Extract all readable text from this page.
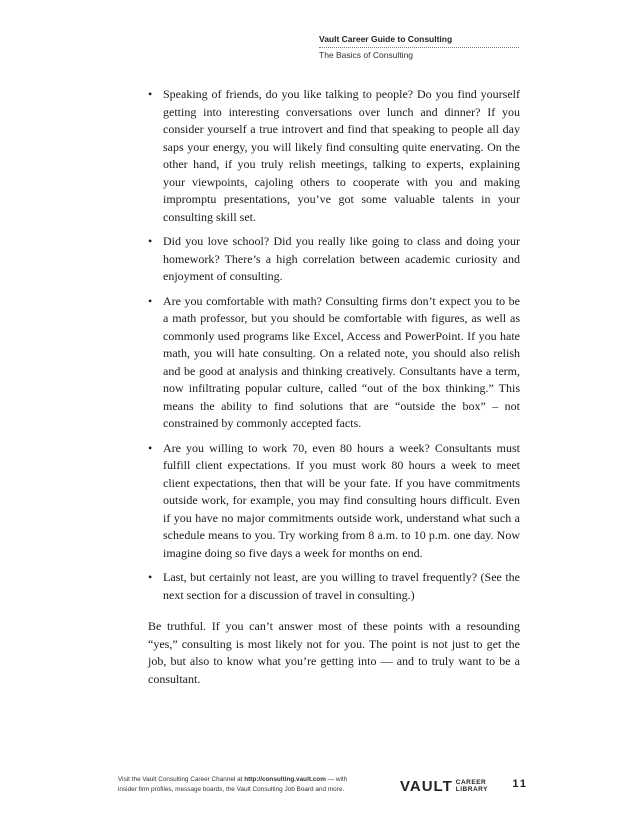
Vault Career Guide to Consulting
The Basics of Consulting
• Speaking of friends, do you like talking to people? Do you find yourself getting into interesting conversations over lunch and dinner? If you consider yourself a true introvert and find that speaking to people all day saps your energy, you will likely find consulting quite enervating. On the other hand, if you truly relish meetings, talking to experts, explaining your viewpoints, cajoling others to cooperate with you and making impromptu presentations, you’ve got some valuable talents in your consulting skill set.
• Did you love school? Did you really like going to class and doing your homework? There’s a high correlation between academic curiosity and enjoyment of consulting.
• Are you comfortable with math? Consulting firms don’t expect you to be a math professor, but you should be comfortable with figures, as well as commonly used programs like Excel, Access and PowerPoint. If you hate math, you will hate consulting. On a related note, you should also relish and be good at analysis and thinking creatively. Consultants have a term, now infiltrating popular culture, called “out of the box thinking.” This means the ability to find solutions that are “outside the box” – not constrained by commonly accepted facts.
• Are you willing to work 70, even 80 hours a week? Consultants must fulfill client expectations. If you must work 80 hours a week to meet client expectations, then that will be your fate. If you have commitments outside work, for example, you may find consulting hours difficult. Even if you have no major commitments outside work, understand what such a schedule means to you. Try working from 8 a.m. to 10 p.m. one day. Now imagine doing so five days a week for months on end.
• Last, but certainly not least, are you willing to travel frequently? (See the next section for a discussion of travel in consulting.)

Be truthful. If you can’t answer most of these points with a resounding “yes,” consulting is most likely not for you. The point is not just to get the job, but also to know what you’re getting into — and to truly want to be a consultant.

Visit the Vault Consulting Career Channel at http://consulting.vault.com — with
insider firm profiles, message boards, the Vault Consulting Job Board and more.	VAULT CAREER
LIBRARY 11
